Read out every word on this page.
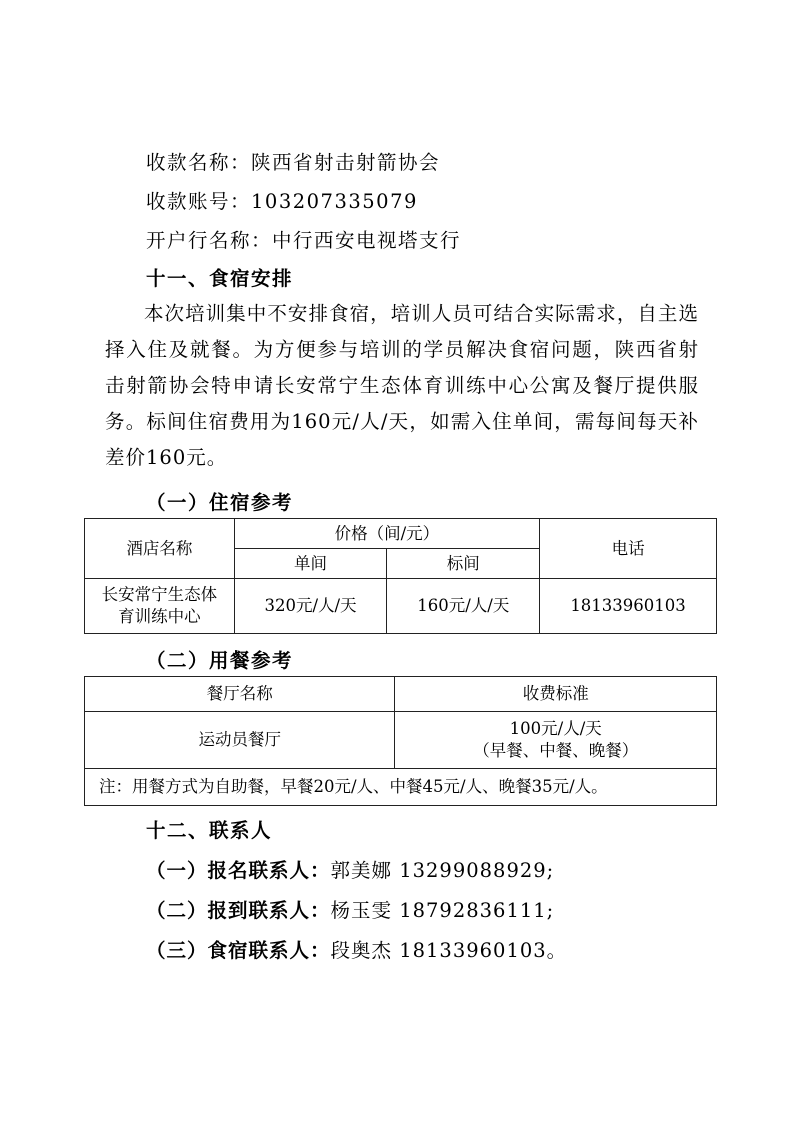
收款名称：陕西省射击射箭协会
收款账号：103207335079
开户行名称：中行西安电视塔支行
十一、食宿安排
本次培训集中不安排食宿，培训人员可结合实际需求，自主选择入住及就餐。为方便参与培训的学员解决食宿问题，陕西省射击射箭协会特申请长安常宁生态体育训练中心公寓及餐厅提供服务。标间住宿费用为160元/人/天，如需入住单间，需每间每天补差价160元。
（一）住宿参考
酒店名称	价格（间/元）		电话
	单间	标间	

长安常宁生态体
育训练中心	320元/人/天	160元/人/天	18133960103
（二）用餐参考
餐厅名称	收费标准
运动员餐厅	100元/人/天
（早餐、中餐、晚餐）

注：用餐方式为自助餐，早餐20元/人、中餐45元/人、晚餐35元/人。	
十二、联系人
（一）报名联系人：郭美娜 13299088929;
（二）报到联系人：杨玉雯 18792836111;
（三）食宿联系人：段奥杰 18133960103。
